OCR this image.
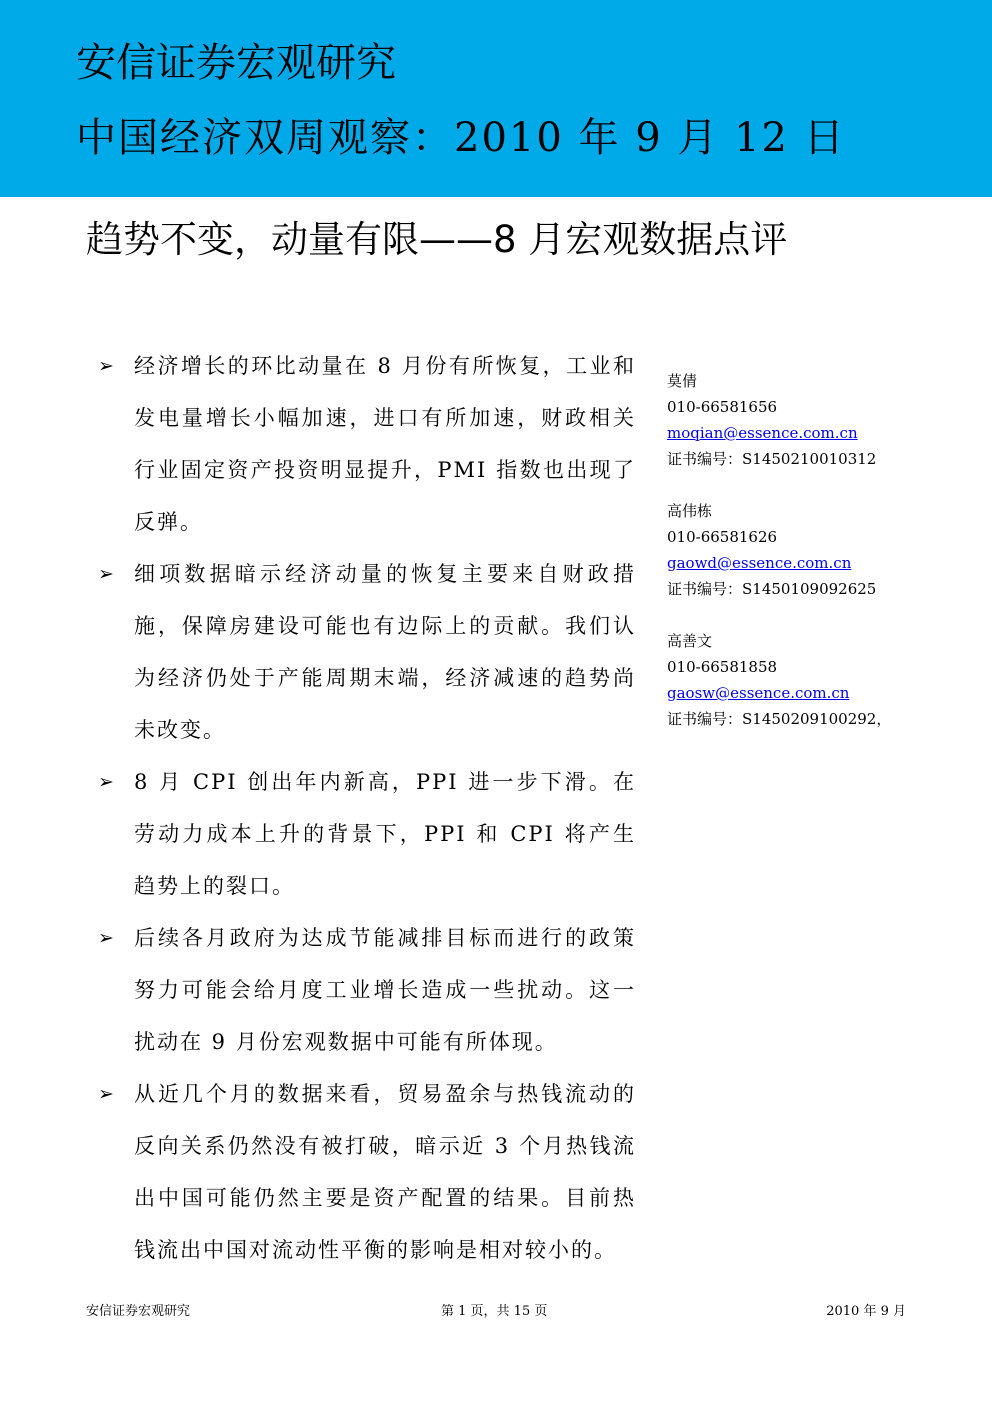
安信证券宏观研究
中国经济双周观察：2010 年 9 月 12 日
趋势不变，动量有限——8 月宏观数据点评
➢ 经济增长的环比动量在 8 月份有所恢复，工业和发电量增长小幅加速，进口有所加速，财政相关行业固定资产投资明显提升，PMI 指数也出现了反弹。
➢ 细项数据暗示经济动量的恢复主要来自财政措施，保障房建设可能也有边际上的贡献。我们认为经济仍处于产能周期末端，经济减速的趋势尚未改变。
➢ 8 月 CPI 创出年内新高，PPI 进一步下滑。在劳动力成本上升的背景下，PPI 和 CPI 将产生趋势上的裂口。
➢ 后续各月政府为达成节能减排目标而进行的政策努力可能会给月度工业增长造成一些扰动。这一扰动在 9 月份宏观数据中可能有所体现。
➢ 从近几个月的数据来看，贸易盈余与热钱流动的反向关系仍然没有被打破，暗示近 3 个月热钱流出中国可能仍然主要是资产配置的结果。目前热钱流出中国对流动性平衡的影响是相对较小的。
莫倩
010-66581656
moqian@essence.com.cn
证书编号：S1450210010312
高伟栋
010-66581626
gaowd@essence.com.cn
证书编号：S1450109092625
高善文
010-66581858
gaosw@essence.com.cn
证书编号：S1450209100292，
安信证券宏观研究	第 1 页，共 15 页	2010 年 9 月
